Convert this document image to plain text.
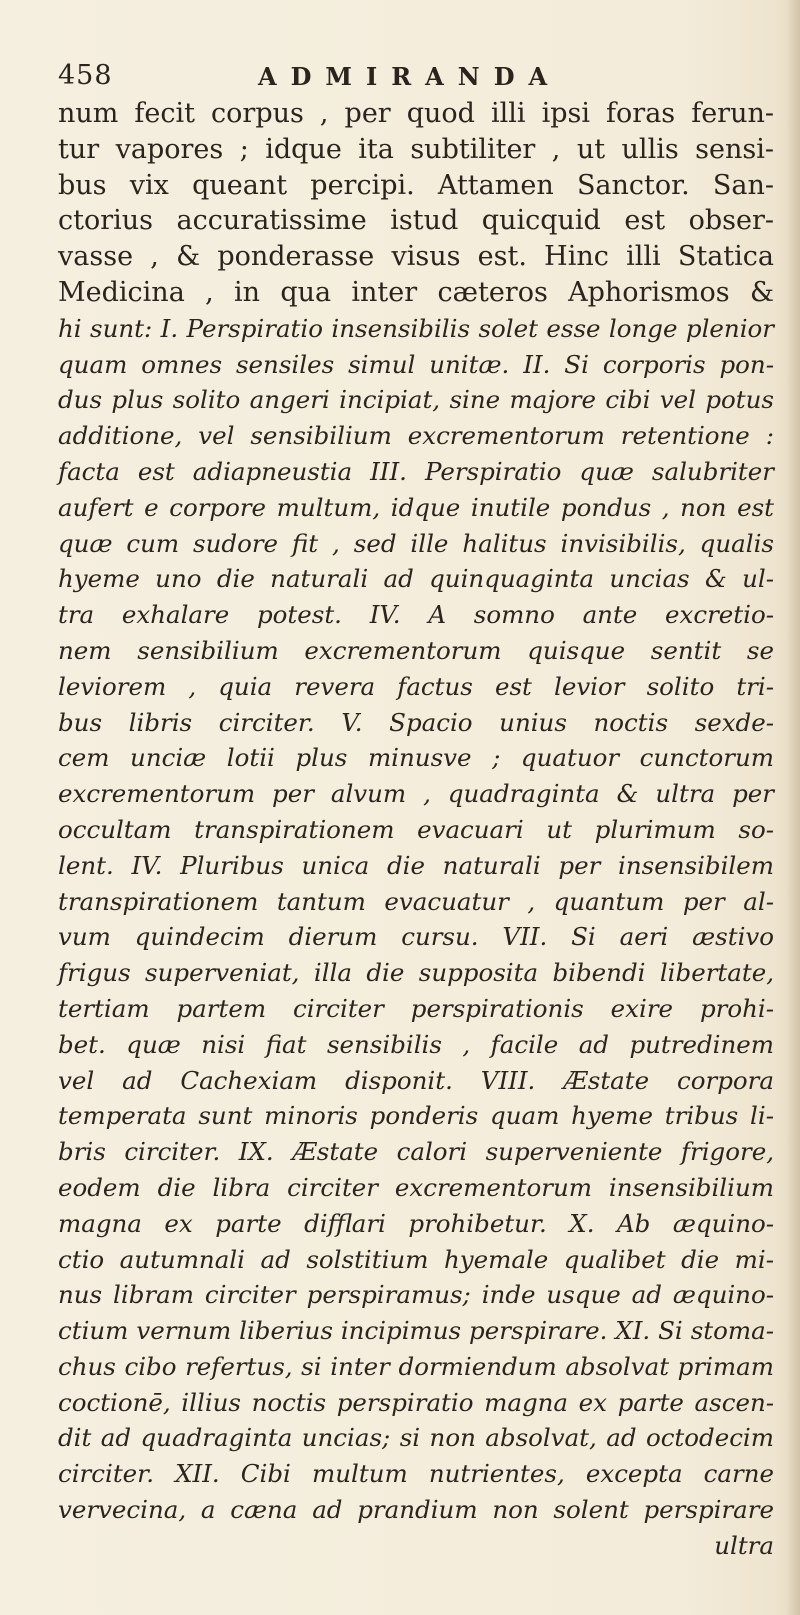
458	ADMIRANDA
num fecit corpus , per quod illi ipsi foras ferun-
tur vapores ; idque ita subtiliter , ut ullis sensi-
bus vix queant percipi. Attamen Sanctor. San-
ctorius accuratissime istud quicquid est obser-
vasse , & ponderasse visus est. Hinc illi Statica
Medicina , in qua inter cæteros Aphorismos &
hi sunt: I. Perspiratio insensibilis solet esse longe plenior
quam omnes sensiles simul unitæ. II. Si corporis pon-
dus plus solito angeri incipiat, sine majore cibi vel potus
additione, vel sensibilium excrementorum retentione :
facta est adiapneustia III. Perspiratio quæ salubriter
aufert e corpore multum, idque inutile pondus , non est
quæ cum sudore fit , sed ille halitus invisibilis, qualis
hyeme uno die naturali ad quinquaginta uncias & ul-
tra exhalare potest. IV. A somno ante excretio-
nem sensibilium excrementorum quisque sentit se
leviorem , quia revera factus est levior solito tri-
bus libris circiter. V. Spacio unius noctis sexde-
cem unciæ lotii plus minusve ; quatuor cunctorum
excrementorum per alvum , quadraginta & ultra per
occultam transpirationem evacuari ut plurimum so-
lent. IV. Pluribus unica die naturali per insensibilem
transpirationem tantum evacuatur , quantum per al-
vum quindecim dierum cursu. VII. Si aeri æstivo
frigus superveniat, illa die supposita bibendi libertate,
tertiam partem circiter perspirationis exire prohi-
bet. quæ nisi fiat sensibilis , facile ad putredinem
vel ad Cachexiam disponit. VIII. Æstate corpora
temperata sunt minoris ponderis quam hyeme tribus li-
bris circiter. IX. Æstate calori superveniente frigore,
eodem die libra circiter excrementorum insensibilium
magna ex parte difflari prohibetur. X. Ab æquino-
ctio autumnali ad solstitium hyemale qualibet die mi-
nus libram circiter perspiramus; inde usque ad æquino-
ctium vernum liberius incipimus perspirare. XI. Si stoma-
chus cibo refertus, si inter dormiendum absolvat primam
coctionē, illius noctis perspiratio magna ex parte ascen-
dit ad quadraginta uncias; si non absolvat, ad octodecim
circiter. XII. Cibi multum nutrientes, excepta carne
vervecina, a cæna ad prandium non solent perspirare
ultra
